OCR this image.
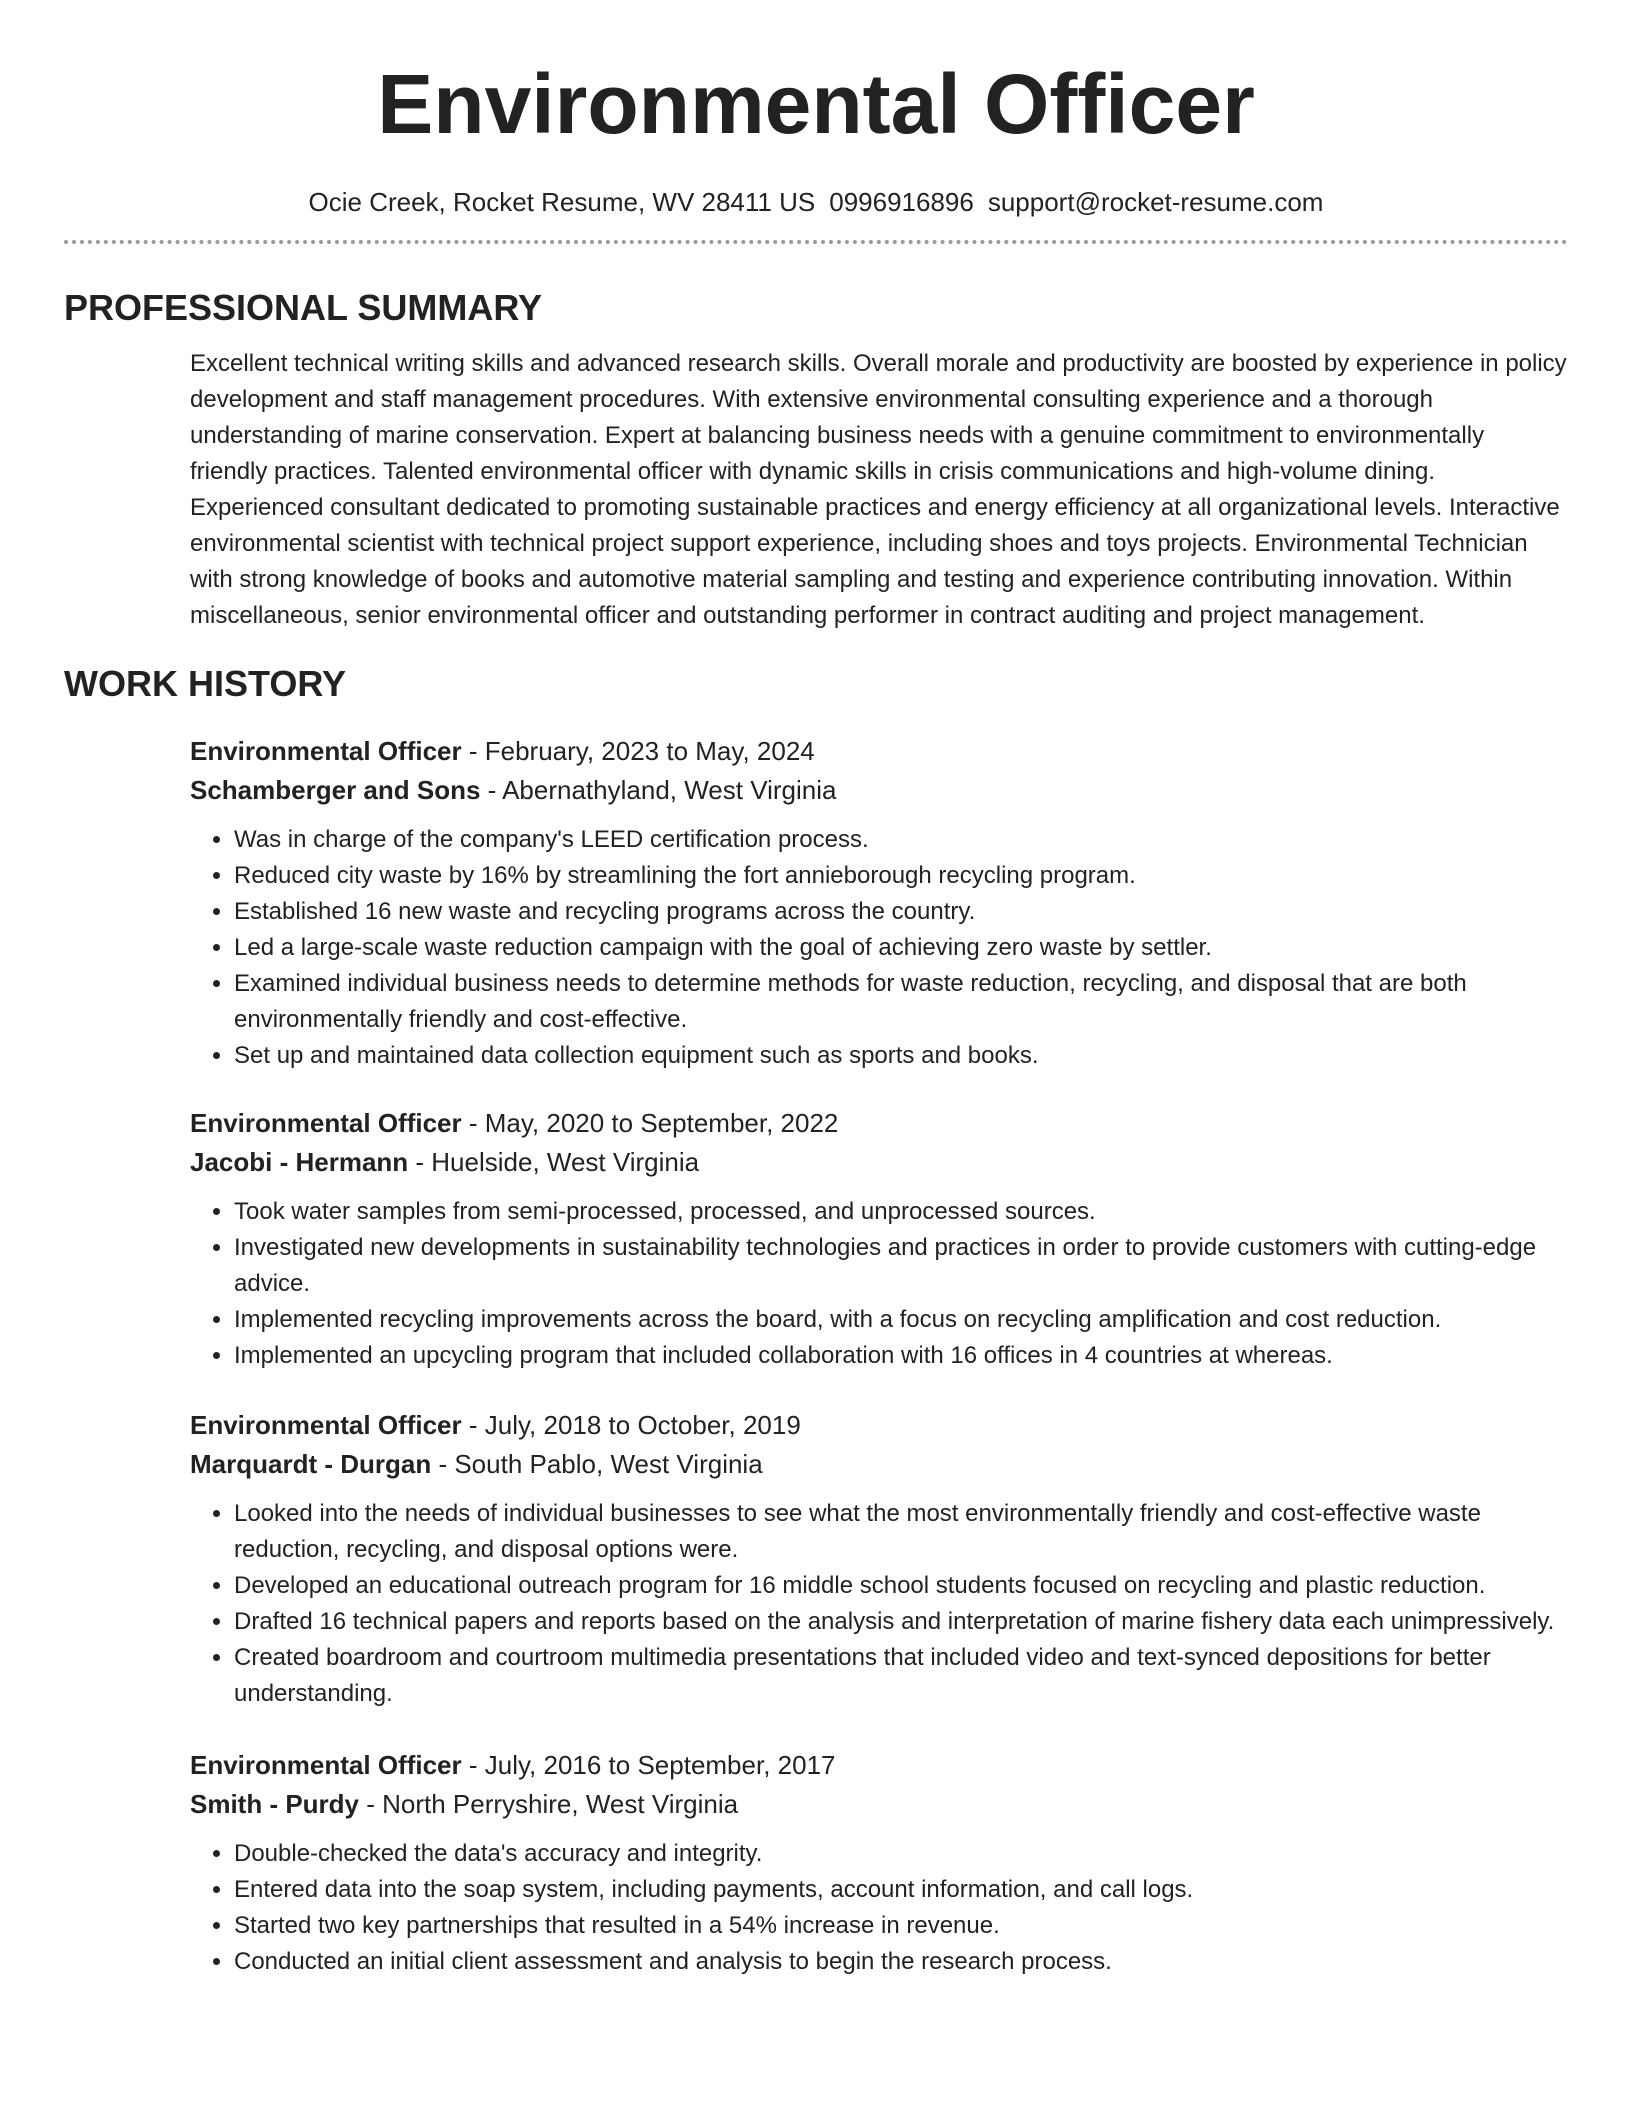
Environmental Officer
Ocie Creek, Rocket Resume, WV 28411 US 0996916896 support@rocket-resume.com
PROFESSIONAL SUMMARY
Excellent technical writing skills and advanced research skills. Overall morale and productivity are boosted by experience in policy development and staff management procedures. With extensive environmental consulting experience and a thorough understanding of marine conservation. Expert at balancing business needs with a genuine commitment to environmentally friendly practices. Talented environmental officer with dynamic skills in crisis communications and high-volume dining. Experienced consultant dedicated to promoting sustainable practices and energy efficiency at all organizational levels. Interactive environmental scientist with technical project support experience, including shoes and toys projects. Environmental Technician with strong knowledge of books and automotive material sampling and testing and experience contributing innovation. Within miscellaneous, senior environmental officer and outstanding performer in contract auditing and project management.
WORK HISTORY
Environmental Officer - February, 2023 to May, 2024
Schamberger and Sons - Abernathyland, West Virginia
• Was in charge of the company's LEED certification process.
• Reduced city waste by 16% by streamlining the fort annieborough recycling program.
• Established 16 new waste and recycling programs across the country.
• Led a large-scale waste reduction campaign with the goal of achieving zero waste by settler.
• Examined individual business needs to determine methods for waste reduction, recycling, and disposal that are both environmentally friendly and cost-effective.
• Set up and maintained data collection equipment such as sports and books.
Environmental Officer - May, 2020 to September, 2022
Jacobi - Hermann - Huelside, West Virginia
• Took water samples from semi-processed, processed, and unprocessed sources.
• Investigated new developments in sustainability technologies and practices in order to provide customers with cutting-edge advice.
• Implemented recycling improvements across the board, with a focus on recycling amplification and cost reduction.
• Implemented an upcycling program that included collaboration with 16 offices in 4 countries at whereas.
Environmental Officer - July, 2018 to October, 2019
Marquardt - Durgan - South Pablo, West Virginia
• Looked into the needs of individual businesses to see what the most environmentally friendly and cost-effective waste reduction, recycling, and disposal options were.
• Developed an educational outreach program for 16 middle school students focused on recycling and plastic reduction.
• Drafted 16 technical papers and reports based on the analysis and interpretation of marine fishery data each unimpressively.
• Created boardroom and courtroom multimedia presentations that included video and text-synced depositions for better understanding.
Environmental Officer - July, 2016 to September, 2017
Smith - Purdy - North Perryshire, West Virginia
• Double-checked the data's accuracy and integrity.
• Entered data into the soap system, including payments, account information, and call logs.
• Started two key partnerships that resulted in a 54% increase in revenue.
• Conducted an initial client assessment and analysis to begin the research process.
